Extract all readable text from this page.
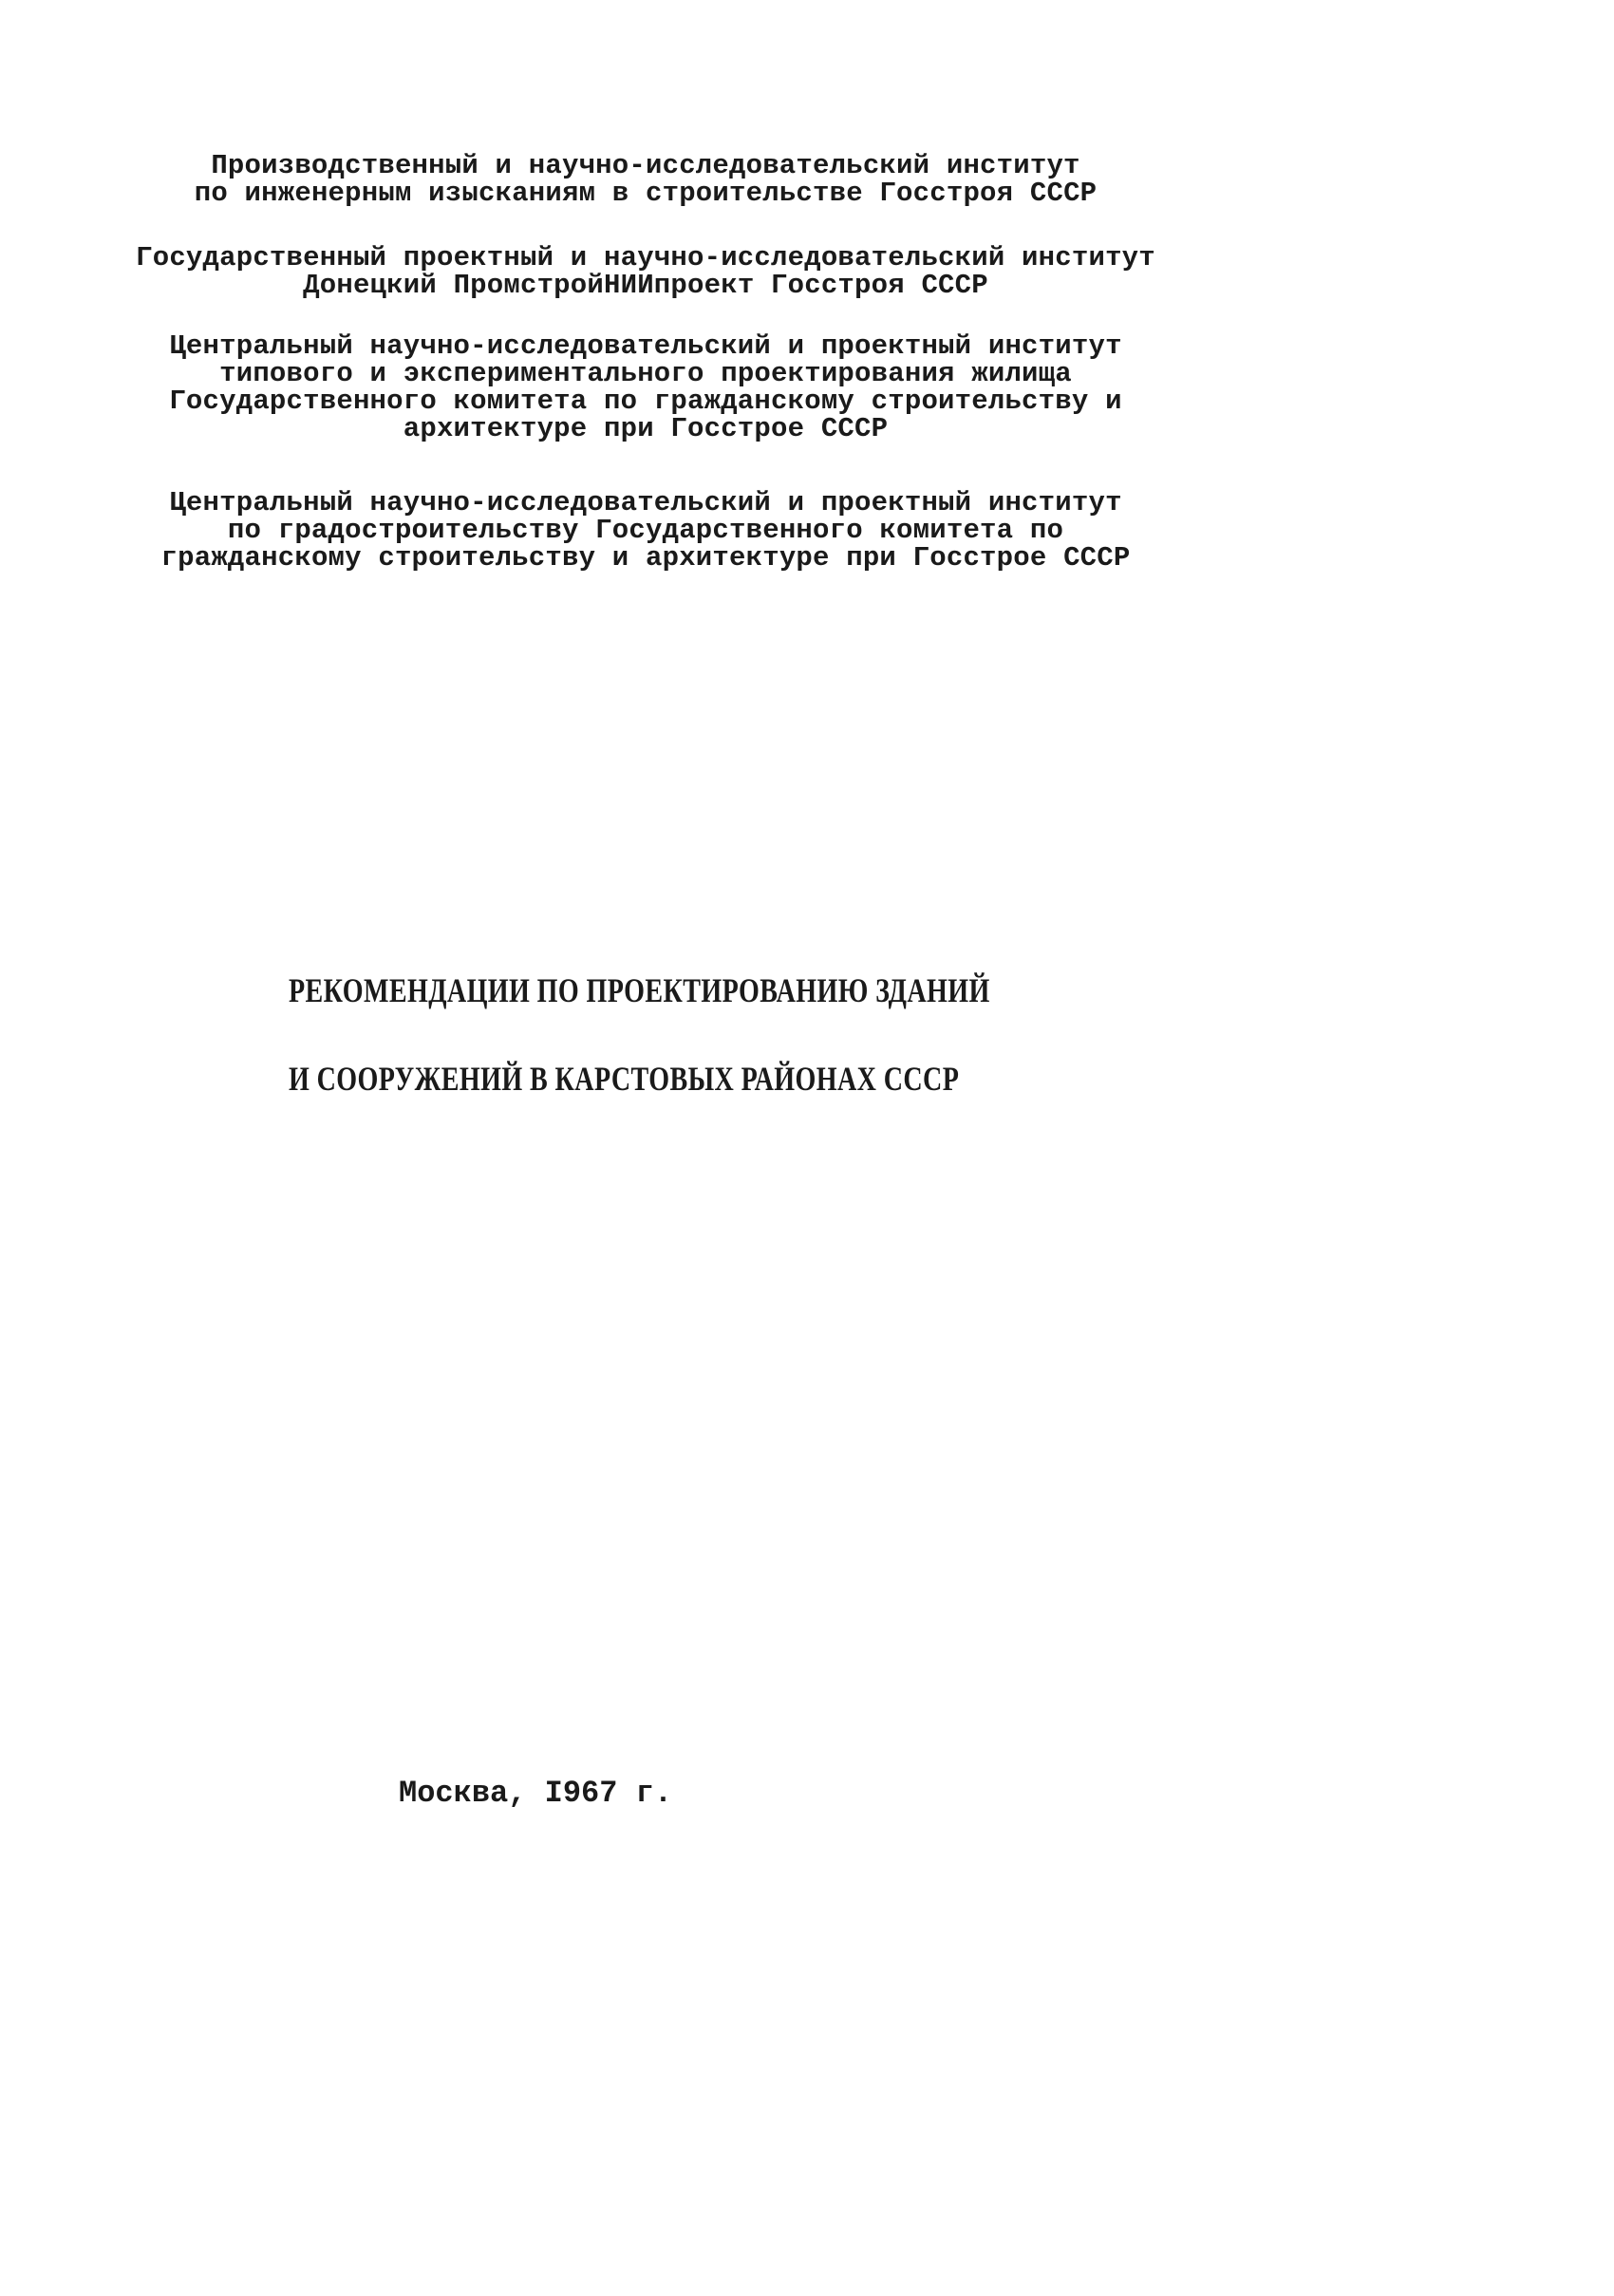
Производственный и научно-исследовательский институт
по инженерным изысканиям в строительстве Госстроя СССР
Государственный проектный и научно-исследовательский институт
Донецкий ПромстройНИИпроект Госстроя СССР
Центральный научно-исследовательский и проектный институт
типового и экспериментального проектирования жилища
Государственного комитета по гражданскому строительству и
архитектуре при Госстрое СССР
Центральный научно-исследовательский и проектный институт
по градостроительству Государственного комитета по
гражданскому строительству и архитектуре при Госстрое СССР
РЕКОМЕНДАЦИИ ПО ПРОЕКТИРОВАНИЮ ЗДАНИЙ
И СООРУЖЕНИЙ В КАРСТОВЫХ РАЙОНАХ СССР
Москва, I967 г.
